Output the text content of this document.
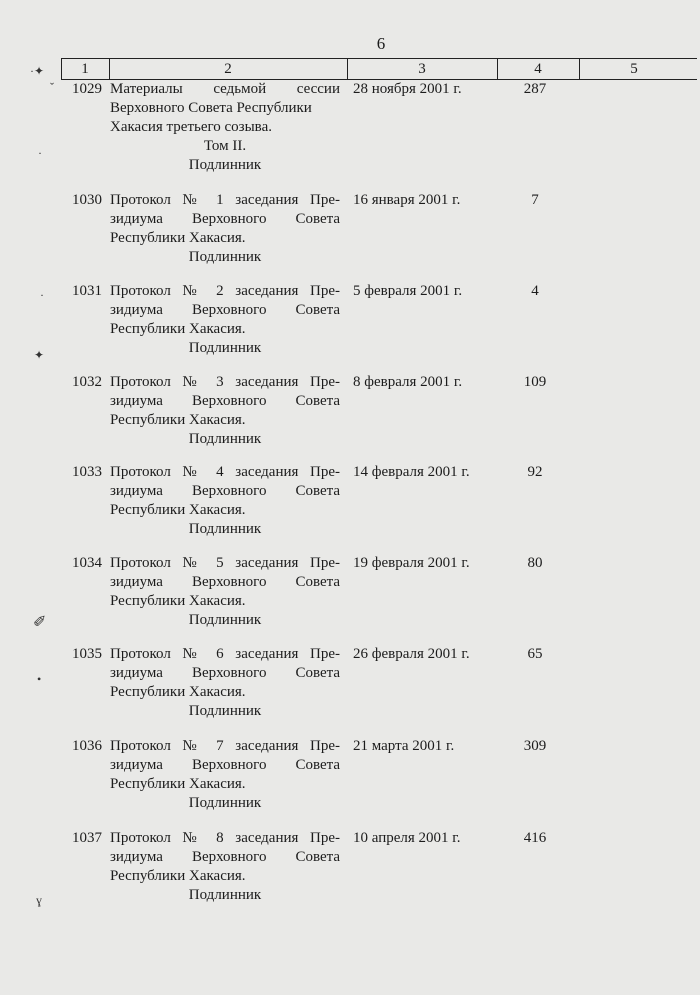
6
1	2	3	4	5
1029 Материалы седьмой сессии
Верховного Совета Республики
Хакасия третьего созыва.
Том II.
Подлинник
28 ноября 2001 г.	287
1030 Протокол № 1 заседания Пре-
зидиума Верховного Совета
Республики Хакасия.
Подлинник
16 января 2001 г.	7
1031 Протокол № 2 заседания Пре-
зидиума Верховного Совета
Республики Хакасия.
Подлинник
5 февраля 2001 г.	4
1032 Протокол № 3 заседания Пре-
зидиума Верховного Совета
Республики Хакасия.
Подлинник
8 февраля 2001 г.	109
1033 Протокол № 4 заседания Пре-
зидиума Верховного Совета
Республики Хакасия.
Подлинник
14 февраля 2001 г.	92
1034 Протокол № 5 заседания Пре-
зидиума Верховного Совета
Республики Хакасия.
Подлинник
19 февраля 2001 г.	80
1035 Протокол № 6 заседания Пре-
зидиума Верховного Совета
Республики Хакасия.
Подлинник
26 февраля 2001 г.	65
1036 Протокол № 7 заседания Пре-
зидиума Верховного Совета
Республики Хакасия.
Подлинник
21 марта 2001 г.	309
1037 Протокол № 8 заседания Пре-
зидиума Верховного Совета
Республики Хакасия.
Подлинник
10 апреля 2001 г.	416
·✦
ˇ
·
·
✦
✐
•
ɣ
